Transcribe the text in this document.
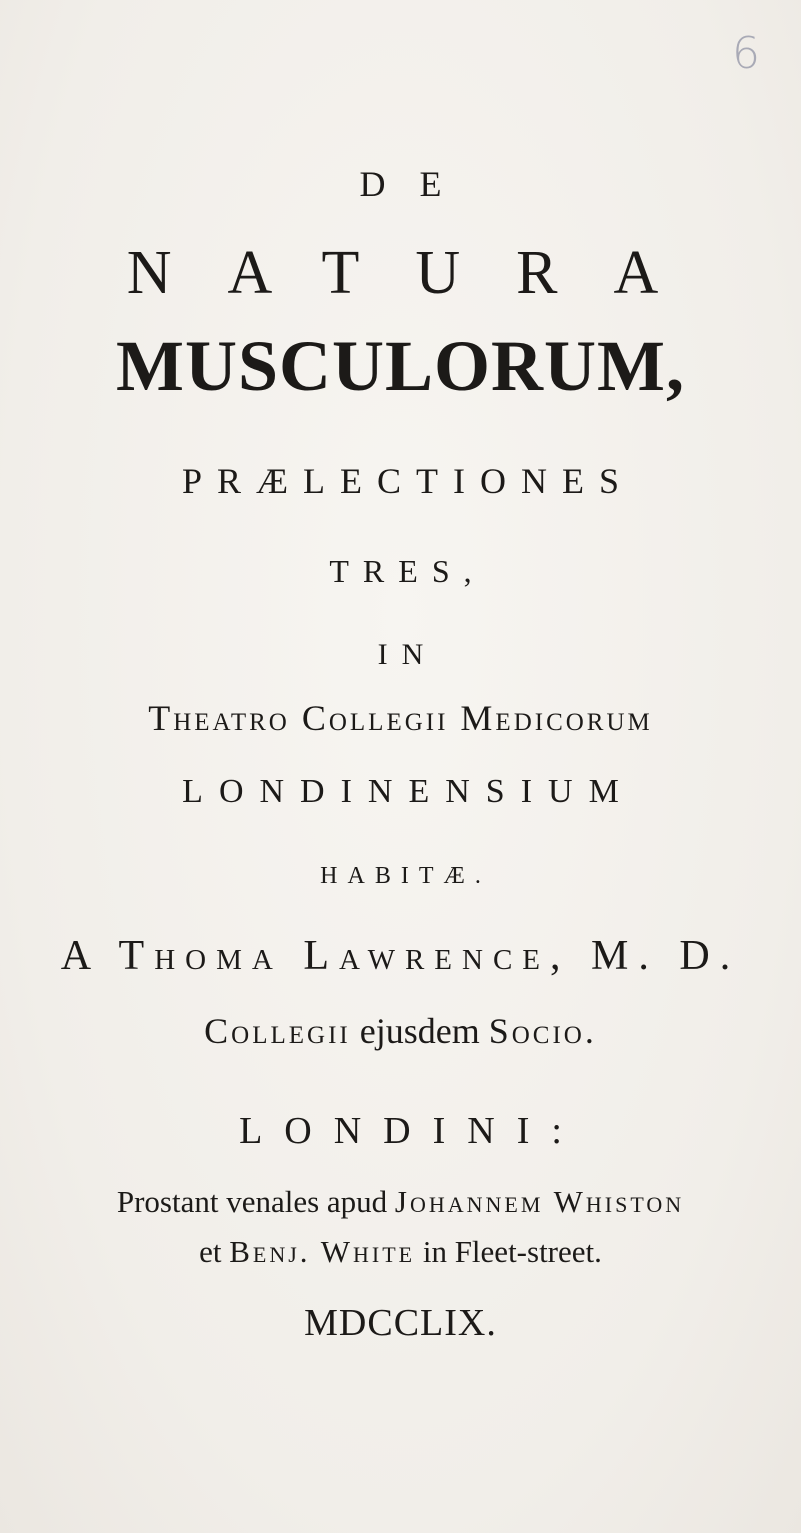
6
DE
NATURA
MUSCULORUM,
PRÆLECTIONES
TRES,
IN
Theatro Collegii Medicorum
LONDINENSIUM
HABITÆ.
A Thoma Lawrence, M. D.
Collegii ejusdem Socio.
LONDINI:
Prostant venales apud Johannem Whiston
et Benj. White in Fleet-street.
MDCCLIX.
